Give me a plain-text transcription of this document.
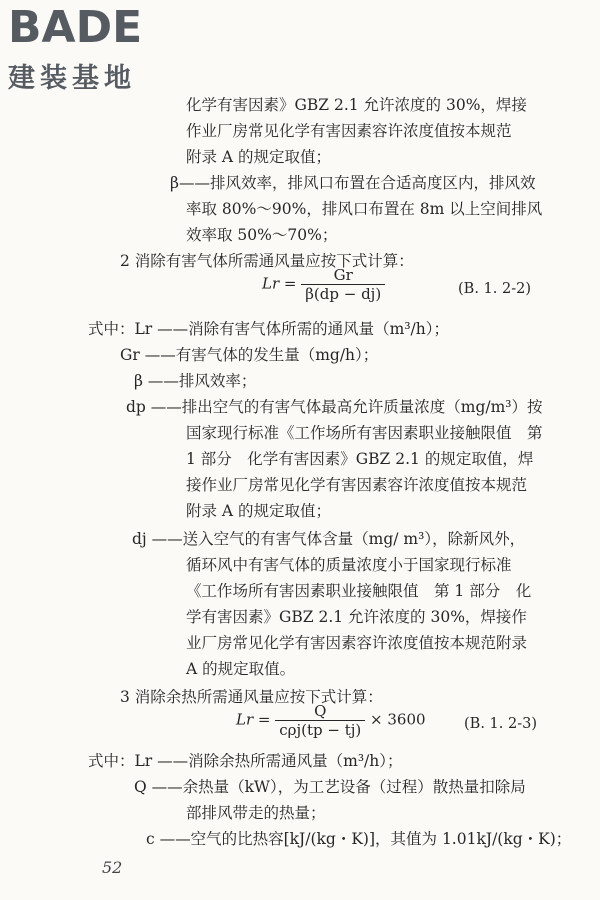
BADE
建装基地
化学有害因素》GBZ 2.1 允许浓度的 30%，焊接
作业厂房常见化学有害因素容许浓度值按本规范
附录 A 的规定取值；
β——排风效率，排风口布置在合适高度区内，排风效
率取 80%～90%，排风口布置在 8m 以上空间排风
效率取 50%～70%；
2 消除有害气体所需通风量应按下式计算：
$Lr = \frac{Gr}{\beta(dp - dj)}$	(B. 1. 2-2)
式中：Lr ——消除有害气体所需的通风量（m³/h）；
Gr ——有害气体的发生量（mg/h）；
β ——排风效率；
dp ——排出空气的有害气体最高允许质量浓度（mg/m³）按
国家现行标准《工作场所有害因素职业接触限值　第
1 部分　化学有害因素》GBZ 2.1 的规定取值，焊
接作业厂房常见化学有害因素容许浓度值按本规范
附录 A 的规定取值；
dj ——送入空气的有害气体含量（mg/ m³），除新风外，
循环风中有害气体的质量浓度小于国家现行标准
《工作场所有害因素职业接触限值　第 1 部分　化
学有害因素》GBZ 2.1 允许浓度的 30%，焊接作
业厂房常见化学有害因素容许浓度值按本规范附录
A 的规定取值。
3 消除余热所需通风量应按下式计算：
$Lr = \frac{Q}{\text{cρj(tp − tj)}} \times 3600$	(B. 1. 2-3)
式中：Lr ——消除余热所需通风量（m³/h）；
Q ——余热量（kW），为工艺设备（过程）散热量扣除局
部排风带走的热量；
c ——空气的比热容[kJ/(kg・K)]，其值为 1.01kJ/(kg・K)；
52
